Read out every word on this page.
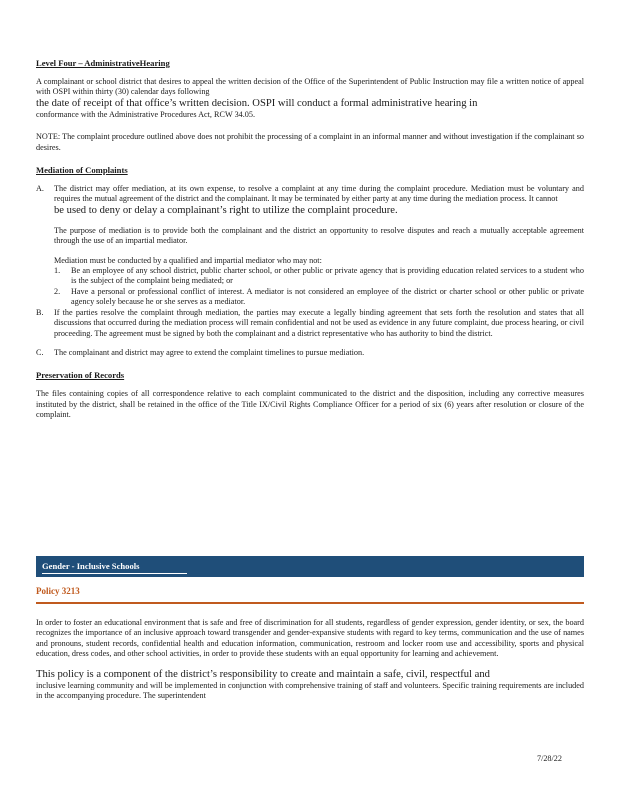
Level Four – AdministrativeHearing

A complainant or school district that desires to appeal the written decision of the Office of the Superintendent of Public Instruction may file a written notice of appeal with OSPI within thirty (30) calendar days following

the date of receipt of that office’s written decision. OSPI will conduct a formal administrative hearing in

conformance with the Administrative Procedures Act, RCW 34.05.

NOTE: The complaint procedure outlined above does not prohibit the processing of a complaint in an informal manner and without investigation if the complainant so desires.

Mediation of Complaints

A.	The district may offer mediation, at its own expense, to resolve a complaint at any time during the complaint procedure. Mediation must be voluntary and requires the mutual agreement of the district and the complainant. It may be terminated by either party at any time during the mediation process. It cannot

be used to deny or delay a complainant’s right to utilize the complaint procedure.

The purpose of mediation is to provide both the complainant and the district an opportunity to resolve disputes and reach a mutually acceptable agreement through the use of an impartial mediator.

Mediation must be conducted by a qualified and impartial mediator who may not:

1.	Be an employee of any school district, public charter school, or other public or private agency that is providing education related services to a student who is the subject of the complaint being mediated; or

2.	Have a personal or professional conflict of interest. A mediator is not considered an employee of the district or charter school or other public or private agency solely because he or she serves as a mediator.

B.	If the parties resolve the complaint through mediation, the parties may execute a legally binding agreement that sets forth the resolution and states that all discussions that occurred during the mediation process will remain confidential and not be used as evidence in any future complaint, due process hearing, or civil proceeding. The agreement must be signed by both the complainant and a district representative who has authority to bind the district.

C.	The complainant and district may agree to extend the complaint timelines to pursue mediation.

Preservation of Records

The files containing copies of all correspondence relative to each complaint communicated to the district and the disposition, including any corrective measures instituted by the district, shall be retained in the office of the Title IX/Civil Rights Compliance Officer for a period of six (6) years after resolution or closure of the complaint.

Gender - Inclusive Schools
Policy 3213

In order to foster an educational environment that is safe and free of discrimination for all students, regardless of gender expression, gender identity, or sex, the board recognizes the importance of an inclusive approach toward transgender and gender-expansive students with regard to key terms, communication and the use of names and pronouns, student records, confidential health and education information, communication, restroom and locker room use and accessibility, sports and physical education, dress codes, and other school activities, in order to provide these students with an equal opportunity for learning and achievement.

This policy is a component of the district’s responsibility to create and maintain a safe, civil, respectful and

inclusive learning community and will be implemented in conjunction with comprehensive training of staff and volunteers. Specific training requirements are included in the accompanying procedure. The superintendent

7/28/22
